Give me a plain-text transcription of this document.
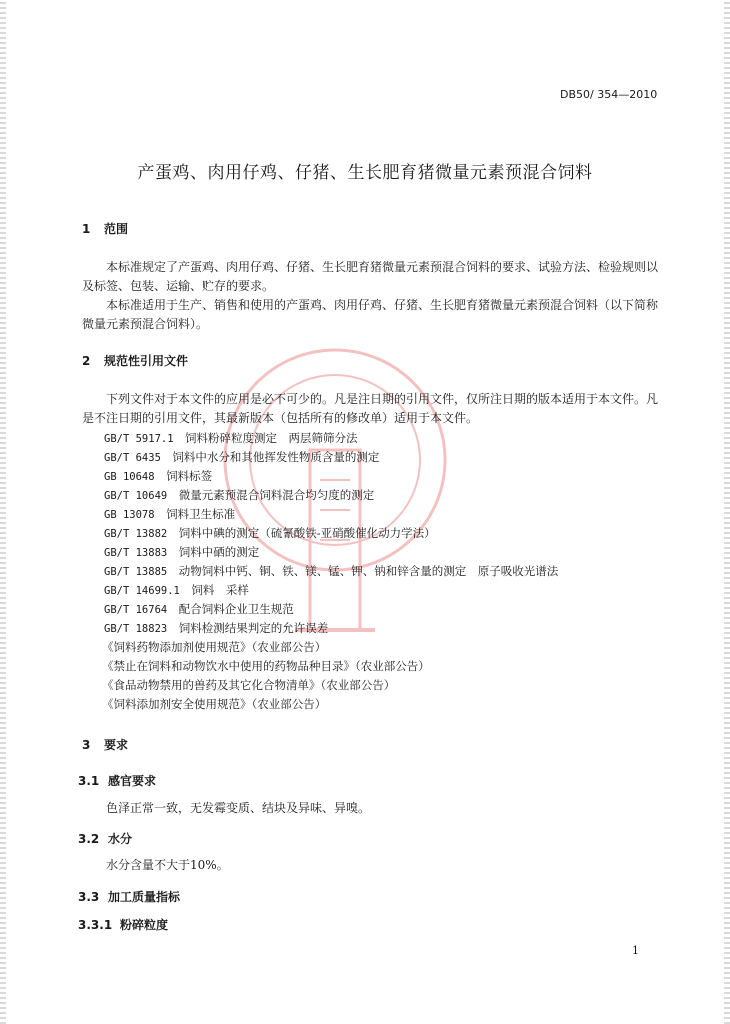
DB50/ 354—2010
产蛋鸡、肉用仔鸡、仔猪、生长肥育猪微量元素预混合饲料
1 范围
本标准规定了产蛋鸡、肉用仔鸡、仔猪、生长肥育猪微量元素预混合饲料的要求、试验方法、检验规则以及标签、包装、运输、贮存的要求。
本标准适用于生产、销售和使用的产蛋鸡、肉用仔鸡、仔猪、生长肥育猪微量元素预混合饲料（以下简称微量元素预混合饲料）。
2 规范性引用文件
下列文件对于本文件的应用是必不可少的。凡是注日期的引用文件，仅所注日期的版本适用于本文件。凡是不注日期的引用文件，其最新版本（包括所有的修改单）适用于本文件。
GB/T 5917.1　 饲料粉碎粒度测定　两层筛筛分法
GB/T 6435　 饲料中水分和其他挥发性物质含量的测定
GB 10648　 饲料标签
GB/T 10649　 微量元素预混合饲料混合均匀度的测定
GB 13078　 饲料卫生标准
GB/T 13882　 饲料中碘的测定（硫氰酸铁-亚硝酸催化动力学法）
GB/T 13883　 饲料中硒的测定
GB/T 13885　 动物饲料中钙、铜、铁、镁、锰、钾、钠和锌含量的测定　原子吸收光谱法
GB/T 14699.1　 饲料　采样
GB/T 16764　 配合饲料企业卫生规范
GB/T 18823　 饲料检测结果判定的允许误差
《饲料药物添加剂使用规范》（农业部公告）
《禁止在饲料和动物饮水中使用的药物品种目录》（农业部公告）
《食品动物禁用的兽药及其它化合物清单》（农业部公告）
《饲料添加剂安全使用规范》（农业部公告）
3 要求
3.1 感官要求
色泽正常一致，无发霉变质、结块及异味、异嗅。
3.2 水分
水分含量不大于10%。
3.3 加工质量指标
3.3.1 粉碎粒度
1
